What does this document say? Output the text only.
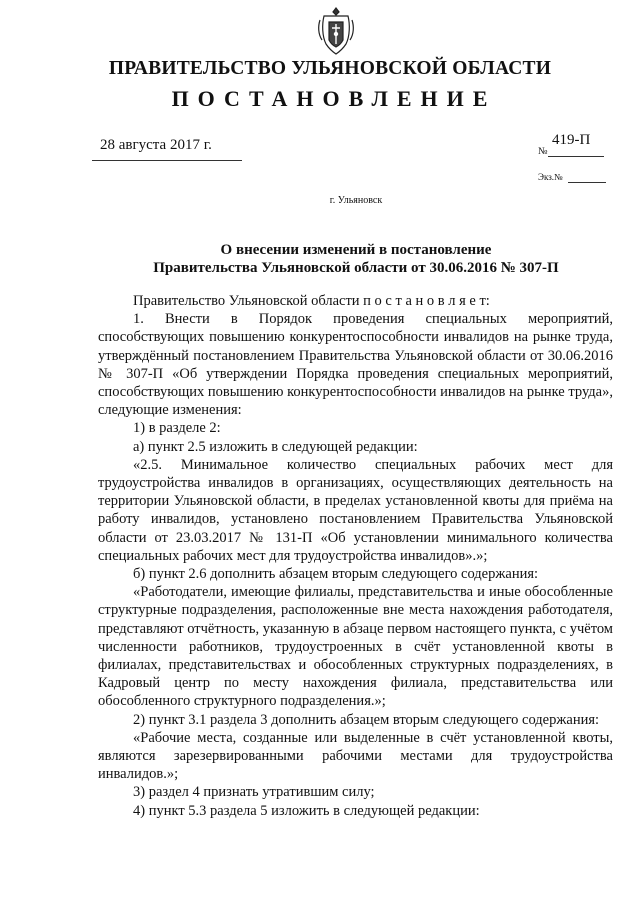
ПРАВИТЕЛЬСТВО УЛЬЯНОВСКОЙ ОБЛАСТИ
ПОСТАНОВЛЕНИЕ
28 августа 2017 г.	№
419-П
Экз.№
г. Ульяновск
О внесении изменений в постановление
Правительства Ульяновской области от 30.06.2016 № 307-П

Правительство Ульяновской области п о с т а н о в л я е т:

1. Внести в Порядок проведения специальных мероприятий, способствующих повышению конкурентоспособности инвалидов на рынке труда, утверждённый постановлением Правительства Ульяновской области от 30.06.2016 № 307-П «Об утверждении Порядка проведения специальных мероприятий, способствующих повышению конкурентоспособности инвалидов на рынке труда», следующие изменения:

1) в разделе 2:

а) пункт 2.5 изложить в следующей редакции:

«2.5. Минимальное количество специальных рабочих мест для трудоустройства инвалидов в организациях, осуществляющих деятельность на территории Ульяновской области, в пределах установленной квоты для приёма на работу инвалидов, установлено постановлением Правительства Ульяновской области от 23.03.2017 № 131-П «Об установлении минимального количества специальных рабочих мест для трудоустройства инвалидов».»;

б) пункт 2.6 дополнить абзацем вторым следующего содержания:

«Работодатели, имеющие филиалы, представительства и иные обособленные структурные подразделения, расположенные вне места нахождения работодателя, представляют отчётность, указанную в абзаце первом настоящего пункта, с учётом численности работников, трудоустроенных в счёт установленной квоты в филиалах, представительствах и обособленных структурных подразделениях, в Кадровый центр по месту нахождения филиала, представительства или обособленного структурного подразделения.»;

2) пункт 3.1 раздела 3 дополнить абзацем вторым следующего содержания:

«Рабочие места, созданные или выделенные в счёт установленной квоты, являются зарезервированными рабочими местами для трудоустройства инвалидов.»;

3) раздел 4 признать утратившим силу;

4) пункт 5.3 раздела 5 изложить в следующей редакции:
